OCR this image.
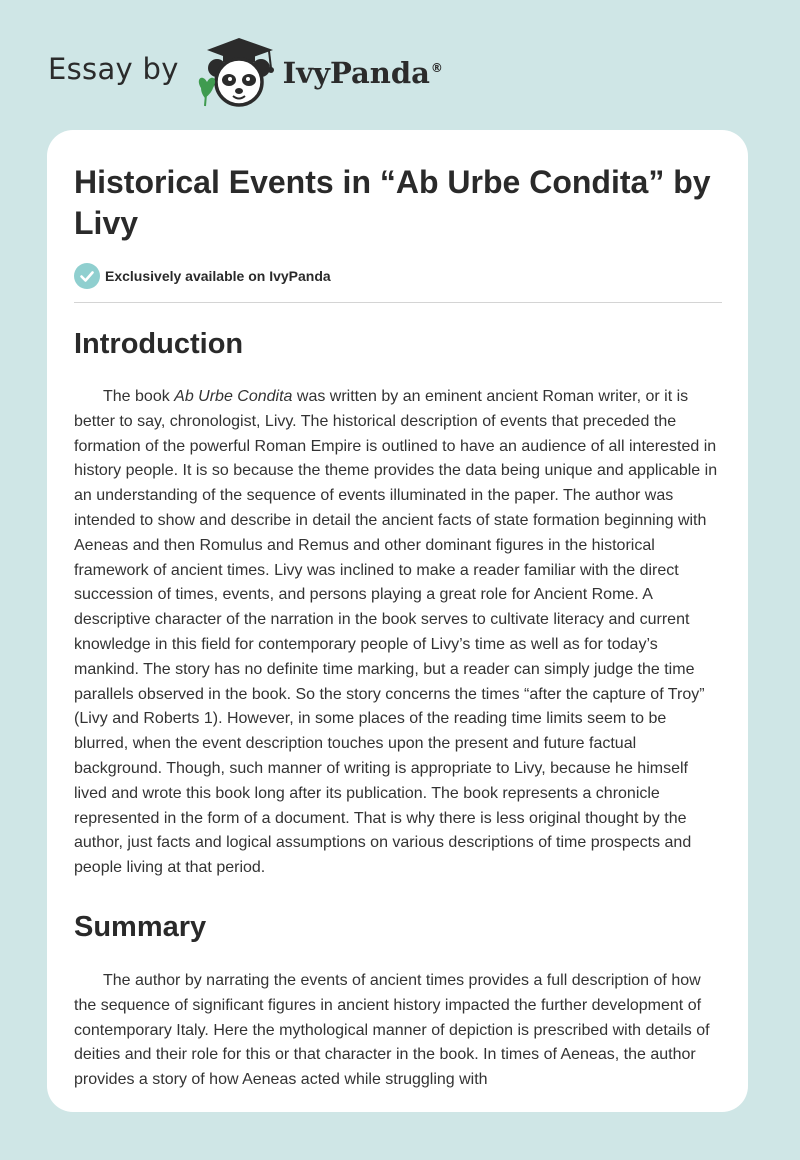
Essay by	IvyPanda®
Historical Events in “Ab Urbe Condita” by Livy
Exclusively available on IvyPanda
Introduction

The book Ab Urbe Condita was written by an eminent ancient Roman writer, or it is better to say, chronologist, Livy. The historical description of events that preceded the formation of the powerful Roman Empire is outlined to have an audience of all interested in history people. It is so because the theme provides the data being unique and applicable in an understanding of the sequence of events illuminated in the paper. The author was intended to show and describe in detail the ancient facts of state formation beginning with Aeneas and then Romulus and Remus and other dominant figures in the historical framework of ancient times. Livy was inclined to make a reader familiar with the direct succession of times, events, and persons playing a great role for Ancient Rome. A descriptive character of the narration in the book serves to cultivate literacy and current knowledge in this field for contemporary people of Livy’s time as well as for today’s mankind. The story has no definite time marking, but a reader can simply judge the time parallels observed in the book. So the story concerns the times “after the capture of Troy” (Livy and Roberts 1). However, in some places of the reading time limits seem to be blurred, when the event description touches upon the present and future factual background. Though, such manner of writing is appropriate to Livy, because he himself lived and wrote this book long after its publication. The book represents a chronicle represented in the form of a document. That is why there is less original thought by the author, just facts and logical assumptions on various descriptions of time prospects and people living at that period.

Summary

The author by narrating the events of ancient times provides a full description of how the sequence of significant figures in ancient history impacted the further development of contemporary Italy. Here the mythological manner of depiction is prescribed with details of deities and their role for this or that character in the book. In times of Aeneas, the author provides a story of how Aeneas acted while struggling with
